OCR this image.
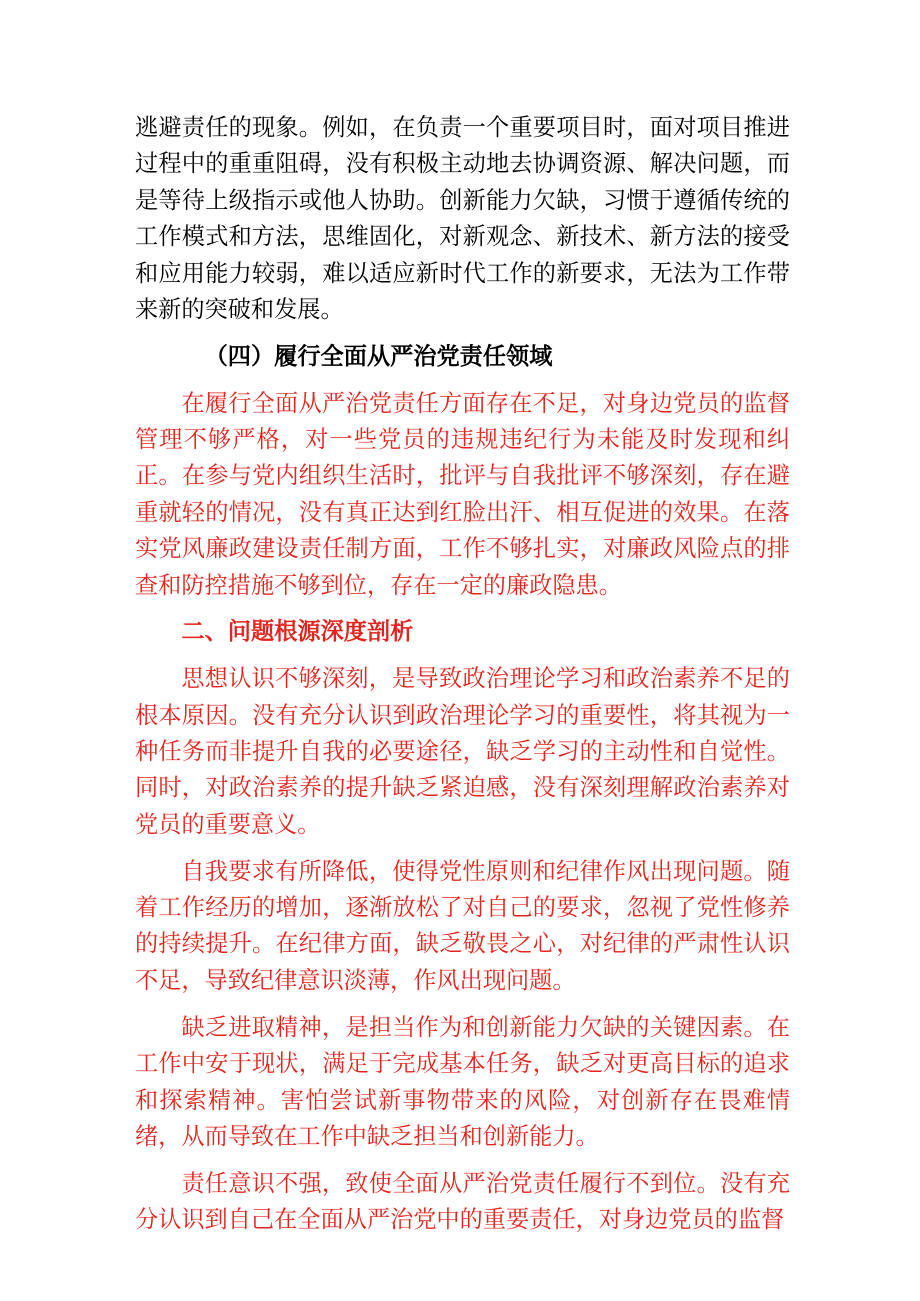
逃避责任的现象。例如，在负责一个重要项目时，面对项目推进过程中的重重阻碍，没有积极主动地去协调资源、解决问题，而是等待上级指示或他人协助。创新能力欠缺，习惯于遵循传统的工作模式和方法，思维固化，对新观念、新技术、新方法的接受和应用能力较弱，难以适应新时代工作的新要求，无法为工作带来新的突破和发展。

（四）履行全面从严治党责任领域

在履行全面从严治党责任方面存在不足，对身边党员的监督管理不够严格，对一些党员的违规违纪行为未能及时发现和纠正。在参与党内组织生活时，批评与自我批评不够深刻，存在避重就轻的情况，没有真正达到红脸出汗、相互促进的效果。在落实党风廉政建设责任制方面，工作不够扎实，对廉政风险点的排查和防控措施不够到位，存在一定的廉政隐患。

二、问题根源深度剖析

思想认识不够深刻，是导致政治理论学习和政治素养不足的根本原因。没有充分认识到政治理论学习的重要性，将其视为一种任务而非提升自我的必要途径，缺乏学习的主动性和自觉性。同时，对政治素养的提升缺乏紧迫感，没有深刻理解政治素养对党员的重要意义。

自我要求有所降低，使得党性原则和纪律作风出现问题。随着工作经历的增加，逐渐放松了对自己的要求，忽视了党性修养的持续提升。在纪律方面，缺乏敬畏之心，对纪律的严肃性认识不足，导致纪律意识淡薄，作风出现问题。

缺乏进取精神，是担当作为和创新能力欠缺的关键因素。在工作中安于现状，满足于完成基本任务，缺乏对更高目标的追求和探索精神。害怕尝试新事物带来的风险，对创新存在畏难情绪，从而导致在工作中缺乏担当和创新能力。

责任意识不强，致使全面从严治党责任履行不到位。没有充分认识到自己在全面从严治党中的重要责任，对身边党员的监督
